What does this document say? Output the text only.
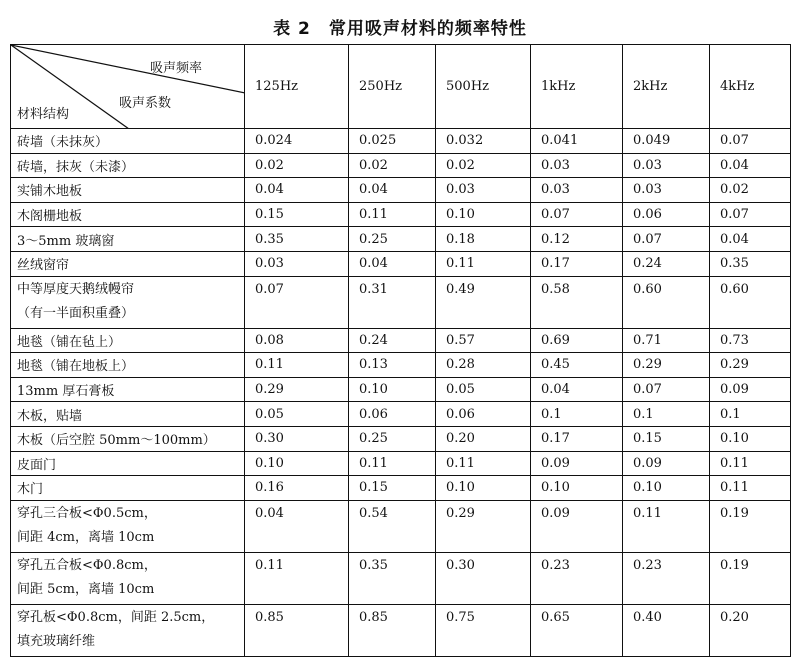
表 2　常用吸声材料的频率特性
吸声频率
吸声系数
材料结构	125Hz	250Hz	500Hz	1kHz	2kHz	4kHz

砖墙（未抹灰）	0.024	0.025	0.032	0.041	0.049	0.07

砖墙，抹灰（未漆）	0.02	0.02	0.02	0.03	0.03	0.04

实铺木地板	0.04	0.04	0.03	0.03	0.03	0.02

木阁栅地板	0.15	0.11	0.10	0.07	0.06	0.07

3～5mm 玻璃窗	0.35	0.25	0.18	0.12	0.07	0.04

丝绒窗帘	0.03	0.04	0.11	0.17	0.24	0.35

中等厚度天鹅绒幔帘
（有一半面积重叠）	0.07	0.31	0.49	0.58	0.60	0.60

地毯（铺在毡上）	0.08	0.24	0.57	0.69	0.71	0.73

地毯（铺在地板上）	0.11	0.13	0.28	0.45	0.29	0.29

13mm 厚石膏板	0.29	0.10	0.05	0.04	0.07	0.09

木板，贴墙	0.05	0.06	0.06	0.1	0.1	0.1

木板（后空腔 50mm～100mm）	0.30	0.25	0.20	0.17	0.15	0.10

皮面门	0.10	0.11	0.11	0.09	0.09	0.11

木门	0.16	0.15	0.10	0.10	0.10	0.11

穿孔三合板<Φ0.5cm，
间距 4cm，离墙 10cm	0.04	0.54	0.29	0.09	0.11	0.19

穿孔五合板<Φ0.8cm，
间距 5cm，离墙 10cm	0.11	0.35	0.30	0.23	0.23	0.19

穿孔板<Φ0.8cm，间距 2.5cm，
填充玻璃纤维	0.85	0.85	0.75	0.65	0.40	0.20
